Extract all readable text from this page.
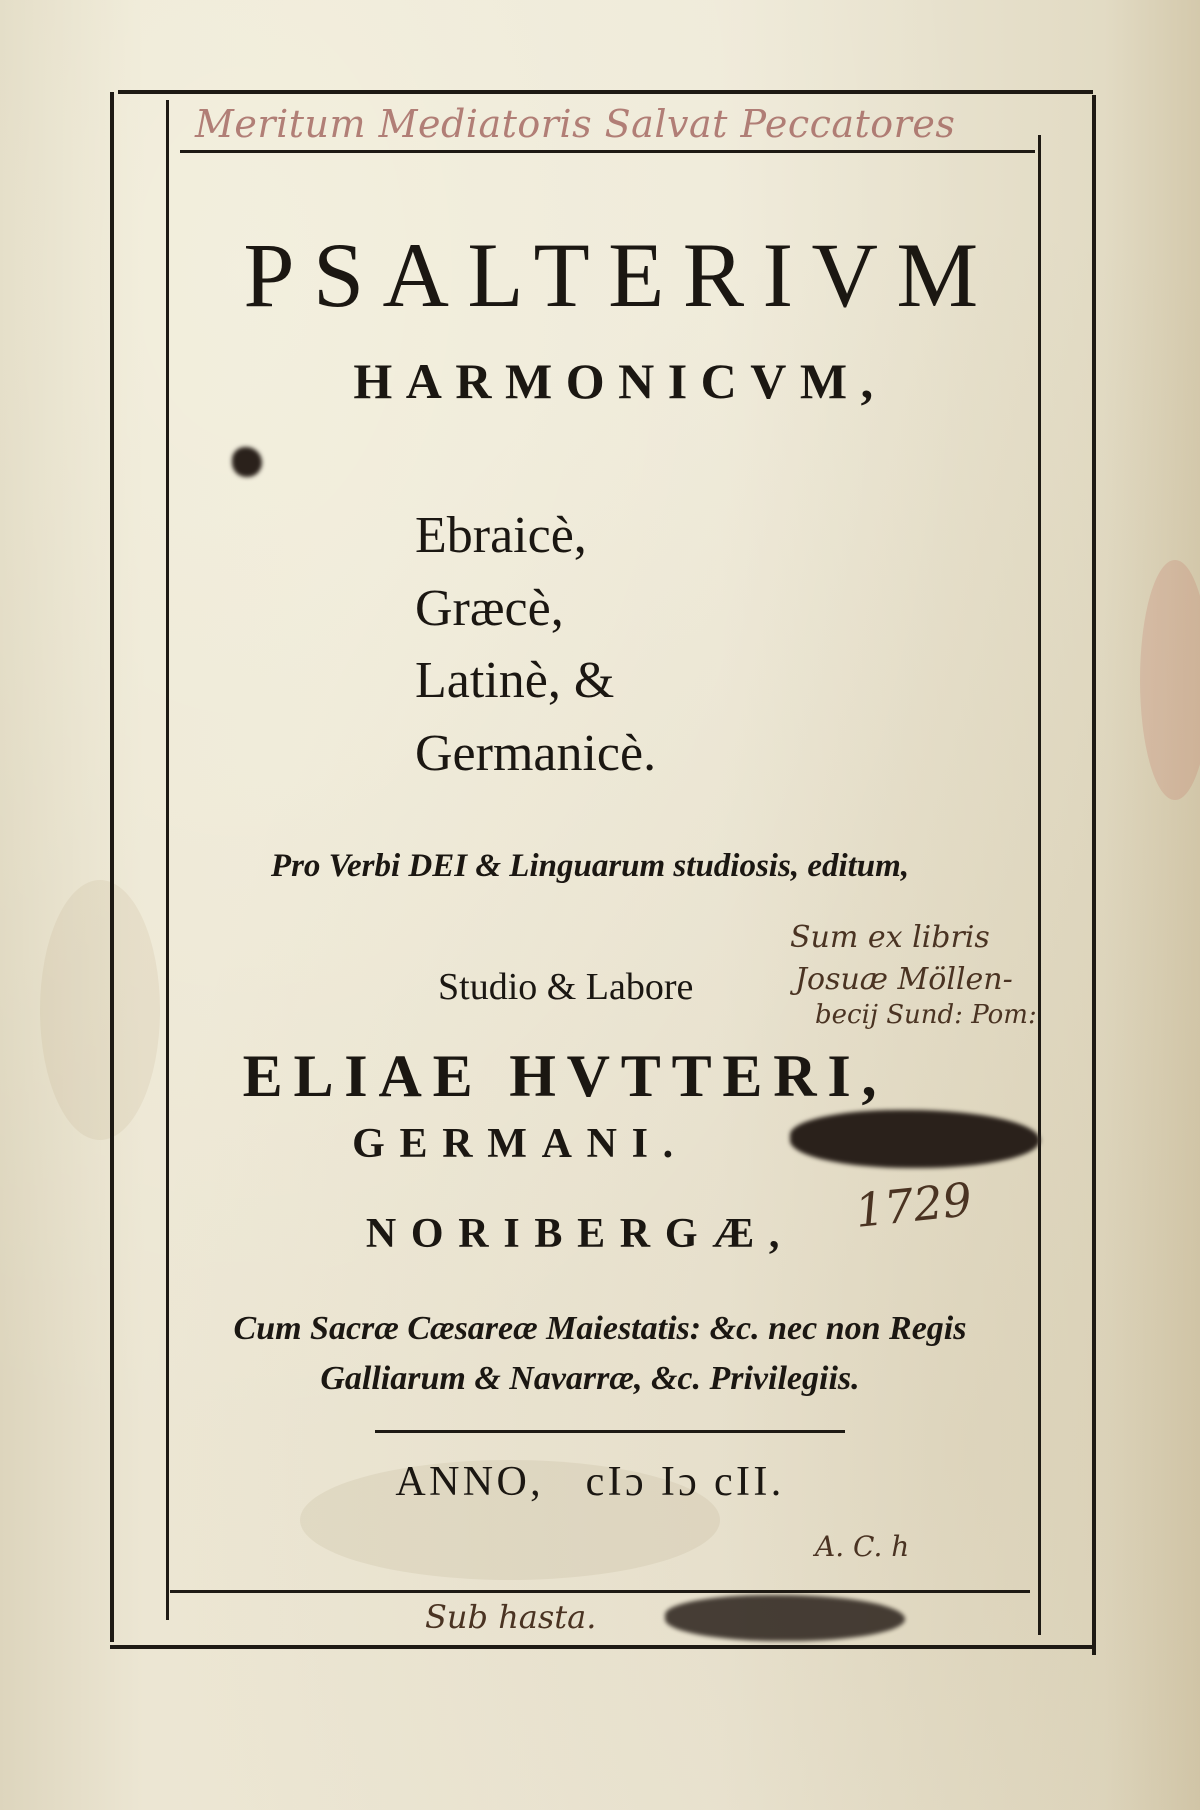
Meritum Mediatoris Salvat Peccatores
PSALTERIVM
HARMONICVM,
Ebraicè,
Græcè,
Latinè, &
Germanicè.
Pro Verbi DEI & Linguarum studiosis, editum,
Studio & Labore
Sum ex libris
Josuæ Möllen-
becij Sund: Pom:
ELIAE HVTTERI,
GERMANI.
1729
NORIBERGÆ,
Cum Sacræ Cæsareæ Maiestatis: &c. nec non Regis
Galliarum & Navarræ, &c. Privilegiis.
ANNO,   cIɔ Iɔ cII.
A. C. h
Sub hasta.
